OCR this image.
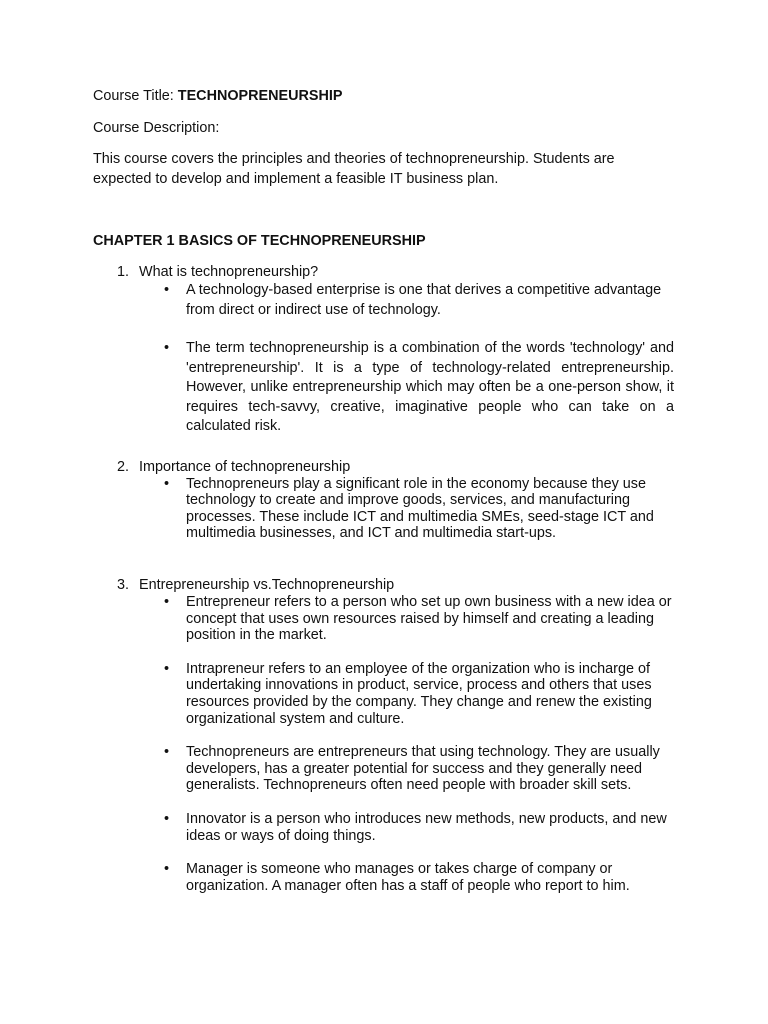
Course Title: TECHNOPRENEURSHIP

Course Description:

This course covers the principles and theories of technopreneurship. Students are expected to develop and implement a feasible IT business plan.

CHAPTER 1 BASICS OF TECHNOPRENEURSHIP

1. What is technopreneurship?
• A technology-based enterprise is one that derives a competitive advantage from direct or indirect use of technology.
• The term technopreneurship is a combination of the words 'technology' and 'entrepreneurship'. It is a type of technology-related entrepreneurship. However, unlike entrepreneurship which may often be a one-person show, it requires tech-savvy, creative, imaginative people who can take on a calculated risk.
2. Importance of technopreneurship
• Technopreneurs play a significant role in the economy because they use technology to create and improve goods, services, and manufacturing processes. These include ICT and multimedia SMEs, seed-stage ICT and multimedia businesses, and ICT and multimedia start-ups.
3. Entrepreneurship vs.Technopreneurship
• Entrepreneur refers to a person who set up own business with a new idea or concept that uses own resources raised by himself and creating a leading position in the market.
• Intrapreneur refers to an employee of the organization who is incharge of undertaking innovations in product, service, process and others that uses resources provided by the company. They change and renew the existing organizational system and culture.
• Technopreneurs are entrepreneurs that using technology. They are usually developers, has a greater potential for success and they generally need generalists. Technopreneurs often need people with broader skill sets.
• Innovator is a person who introduces new methods, new products, and new ideas or ways of doing things.
• Manager is someone who manages or takes charge of company or organization. A manager often has a staff of people who report to him.
